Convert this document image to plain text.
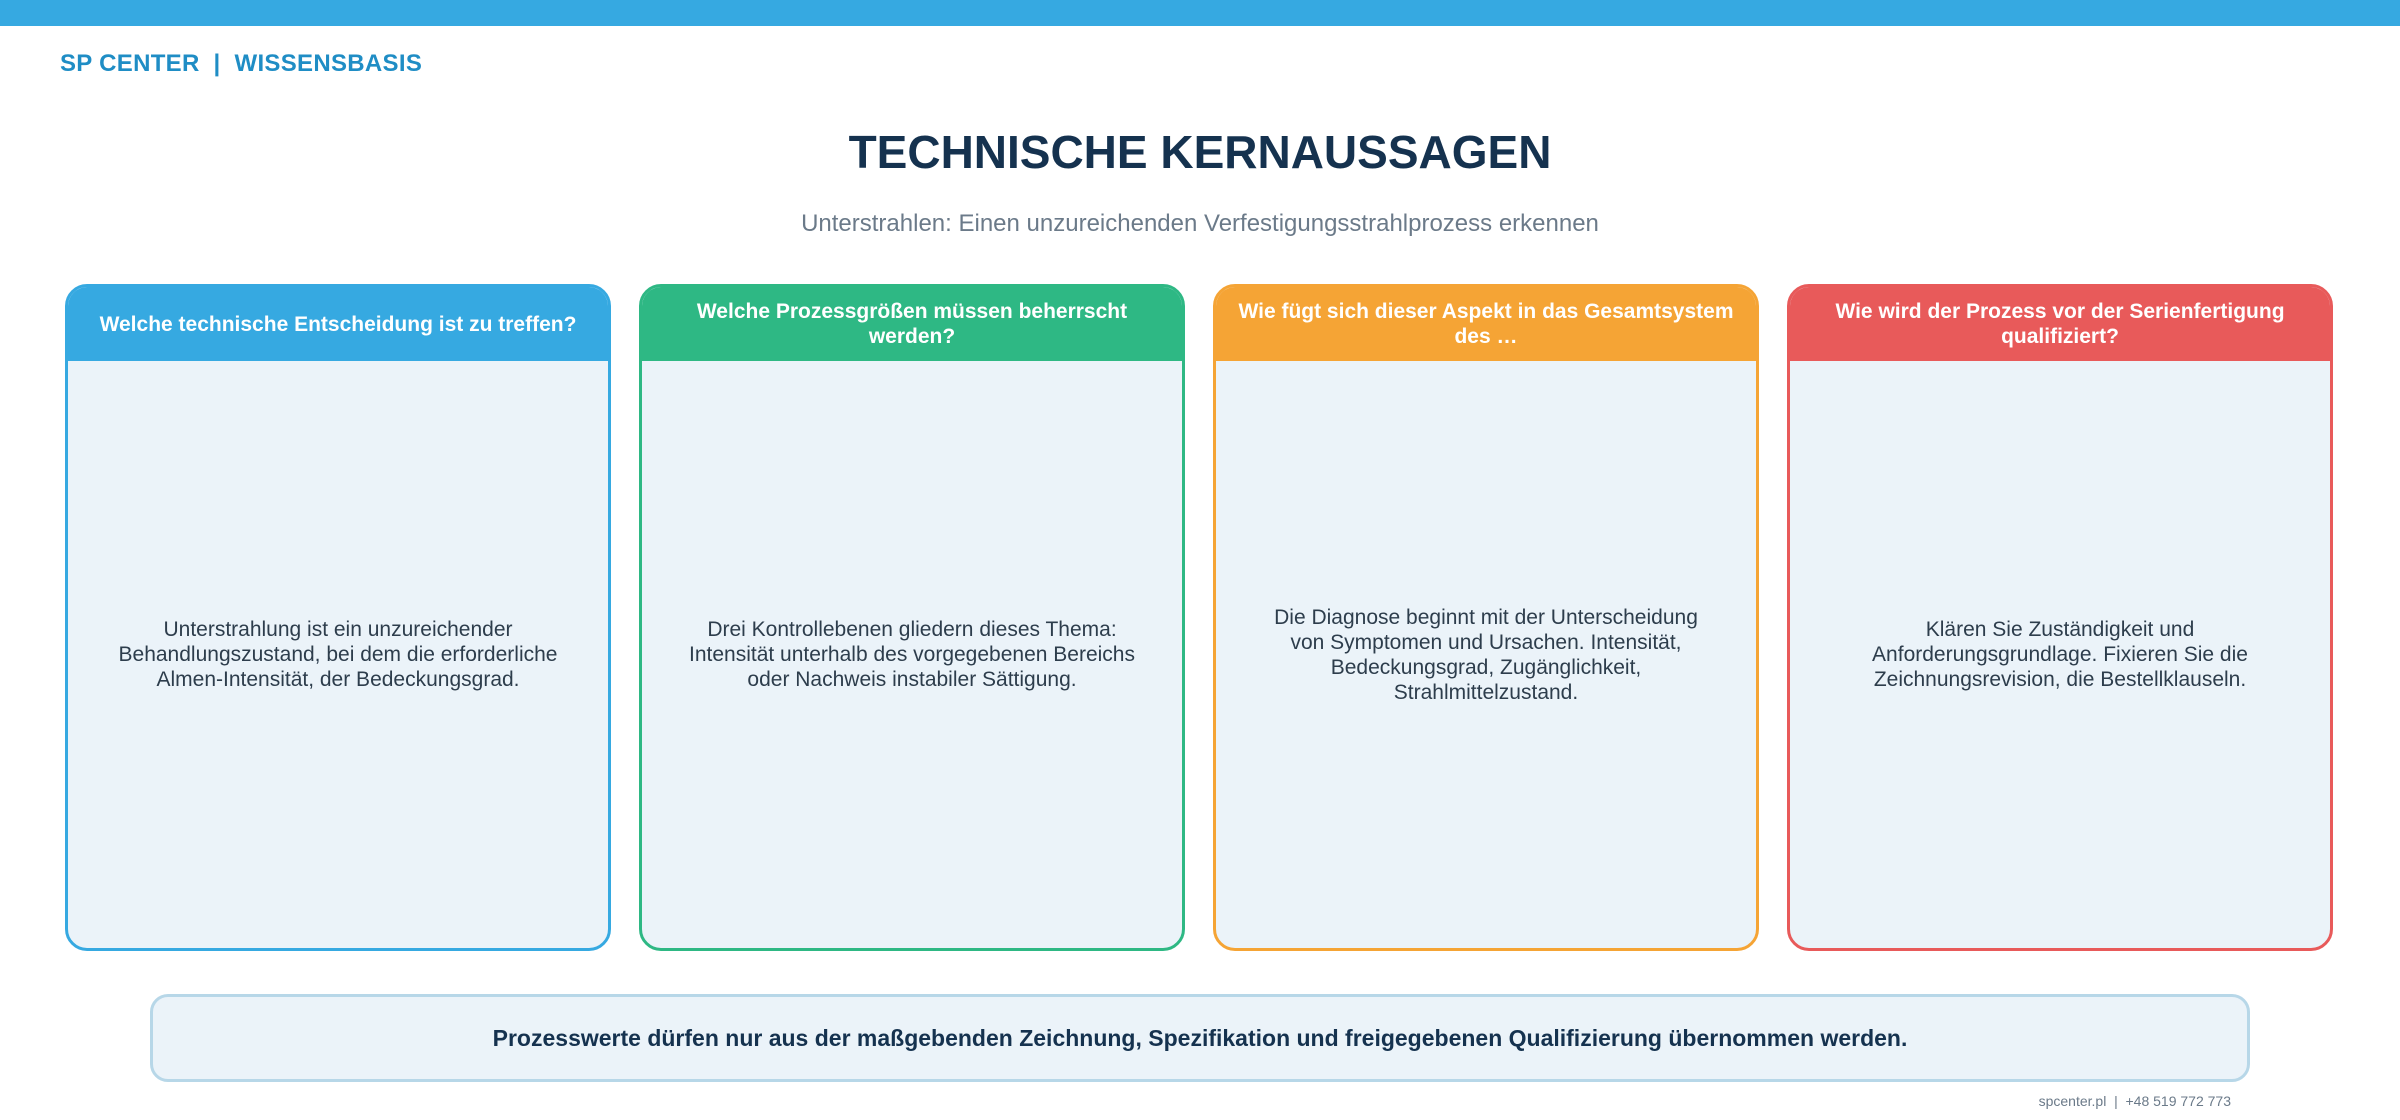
SP CENTER  |  WISSENSBASIS
TECHNISCHE KERNAUSSAGEN
Unterstrahlen: Einen unzureichenden Verfestigungsstrahlprozess erkennen
Welche technische Entscheidung ist zu treffen?
Unterstrahlung ist ein unzureichender Behandlungszustand, bei dem die erforderliche Almen-Intensität, der Bedeckungsgrad.
Welche Prozessgrößen müssen beherrscht werden?
Drei Kontrollebenen gliedern dieses Thema: Intensität unterhalb des vorgegebenen Bereichs oder Nachweis instabiler Sättigung.
Wie fügt sich dieser Aspekt in das Gesamtsystem des …
Die Diagnose beginnt mit der Unterscheidung von Symptomen und Ursachen. Intensität, Bedeckungsgrad, Zugänglichkeit, Strahlmittelzustand.
Wie wird der Prozess vor der Serienfertigung qualifiziert?
Klären Sie Zuständigkeit und Anforderungsgrundlage. Fixieren Sie die Zeichnungsrevision, die Bestellklauseln.
Prozesswerte dürfen nur aus der maßgebenden Zeichnung, Spezifikation und freigegebenen Qualifizierung übernommen werden.
spcenter.pl  |  +48 519 772 773
